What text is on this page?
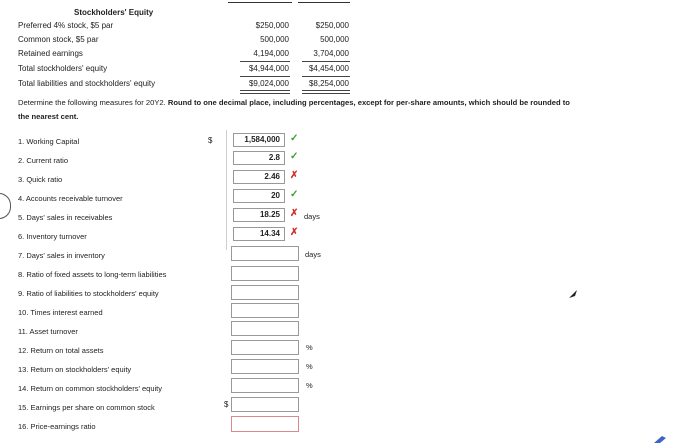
Stockholders' Equity
Preferred 4% stock, $5 par	$250,000	$250,000
Common stock, $5 par	500,000	500,000
Retained earnings	4,194,000	3,704,000
Total stockholders' equity	$4,944,000	$4,454,000
Total liabilities and stockholders' equity	$9,024,000	$8,254,000
Determine the following measures for 20Y2. Round to one decimal place, including percentages, except for per-share amounts, which should be rounded to
the nearest cent.
1. Working Capital	$	1,584,000	✓
2. Current ratio	2.8	✓
3. Quick ratio	2.46	✗
4. Accounts receivable turnover	20	✓
5. Days' sales in receivables	18.25	✗ days
6. Inventory turnover	14.34	✗
7. Days' sales in inventory	days
8. Ratio of fixed assets to long-term liabilities
9. Ratio of liabilities to stockholders' equity
10. Times interest earned
11. Asset turnover
12. Return on total assets	%
13. Return on stockholders' equity	%
14. Return on common stockholders' equity	%
15. Earnings per share on common stock	$
16. Price-earnings ratio
